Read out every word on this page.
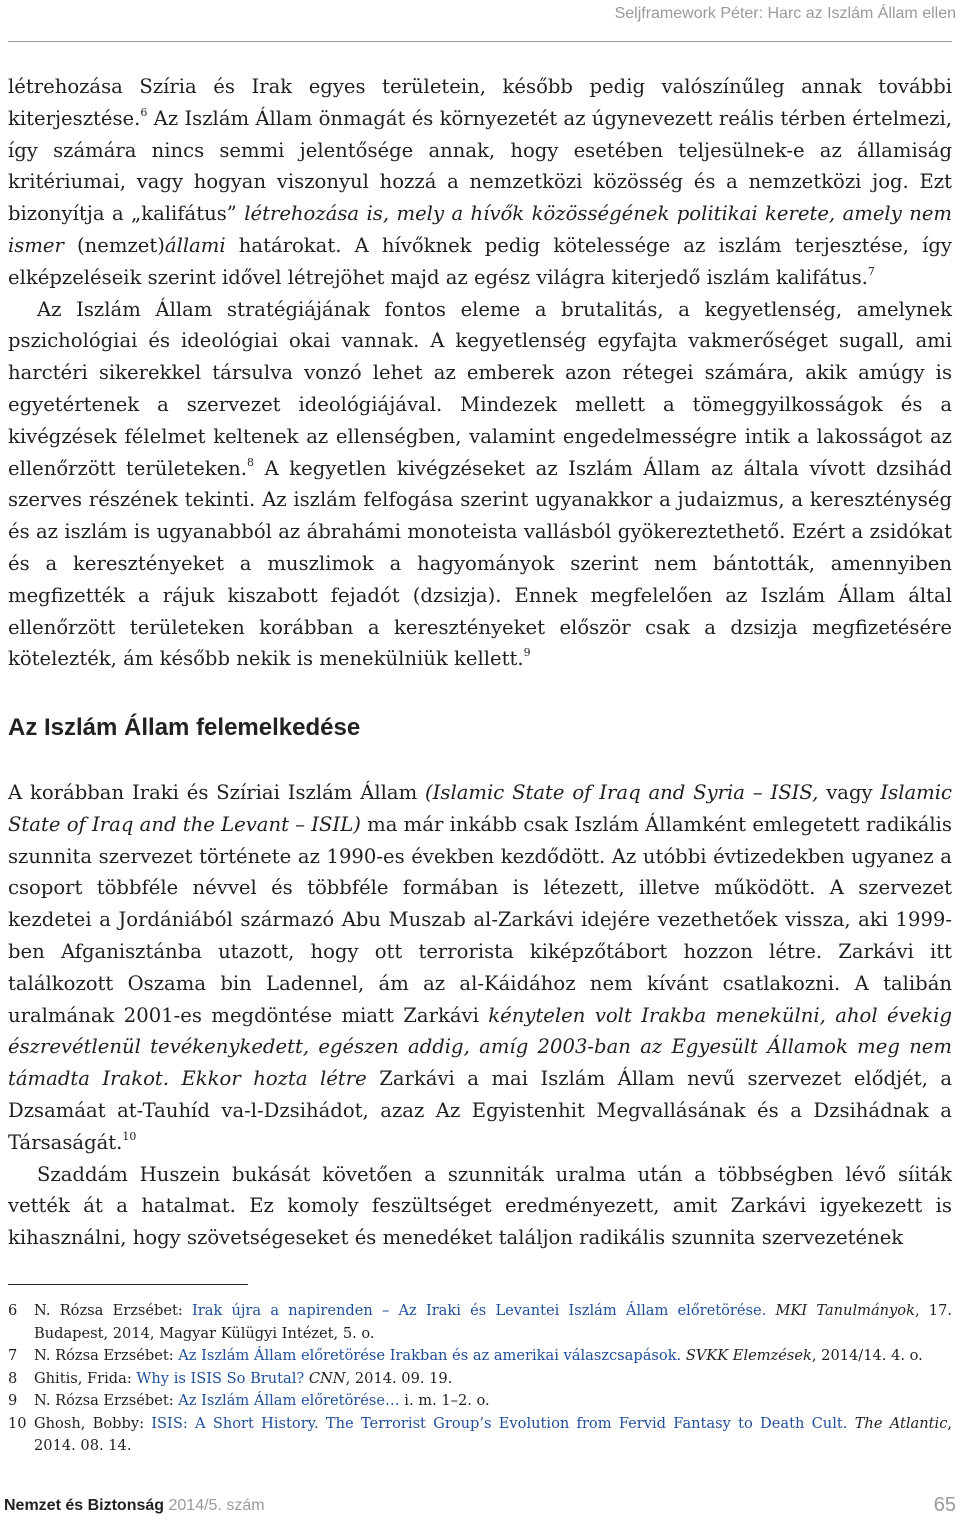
Seljframework Péter: Harc az Iszlám Állam ellen

létrehozása Szíria és Irak egyes területein, később pedig valószínűleg annak további kiterjesztése.$^6$ Az Iszlám Állam önmagát és környezetét az úgynevezett reális térben értelmezi, így számára nincs semmi jelentősége annak, hogy esetében teljesülnek-e az államiság kritériumai, vagy hogyan viszonyul hozzá a nemzetközi közösség és a nemzetközi jog. Ezt bizonyítja a „kalifátus” létrehozása is, mely a hívők közösségének politikai kerete, amely nem ismer (nemzet)állami határokat. A hívőknek pedig kötelessége az iszlám terjesztése, így elképzeléseik szerint idővel létrejöhet majd az egész világra kiterjedő iszlám kalifátus.$^7$

Az Iszlám Állam stratégiájának fontos eleme a brutalitás, a kegyetlenség, amelynek pszichológiai és ideológiai okai vannak. A kegyetlenség egyfajta vakmerőséget sugall, ami harctéri sikerekkel társulva vonzó lehet az emberek azon rétegei számára, akik amúgy is egyetértenek a szervezet ideológiájával. Mindezek mellett a tömeggyilkosságok és a kivégzések félelmet keltenek az ellenségben, valamint engedelmességre intik a lakosságot az ellenőrzött területeken.$^8$ A kegyetlen kivégzéseket az Iszlám Állam az általa vívott dzsihád szerves részének tekinti. Az iszlám felfogása szerint ugyanakkor a judaizmus, a kereszténység és az iszlám is ugyanabból az ábrahámi monoteista vallásból gyökereztethető. Ezért a zsidókat és a keresztényeket a muszlimok a hagyományok szerint nem bántották, amennyiben megfizették a rájuk kiszabott fejadót (dzsizja). Ennek megfelelően az Iszlám Állam által ellenőrzött területeken korábban a keresztényeket először csak a dzsizja megfizetésére kötelezték, ám később nekik is menekülniük kellett.$^9$

Az Iszlám Állam felemelkedése

A korábban Iraki és Szíriai Iszlám Állam (Islamic State of Iraq and Syria – ISIS, vagy Islamic State of Iraq and the Levant – ISIL) ma már inkább csak Iszlám Államként emlegetett radikális szunnita szervezet története az 1990-es években kezdődött. Az utóbbi évtizedekben ugyanez a csoport többféle névvel és többféle formában is létezett, illetve működött. A szervezet kezdetei a Jordániából származó Abu Muszab al-Zarkávi idejére vezethetőek vissza, aki 1999-ben Afganisztánba utazott, hogy ott terrorista kiképzőtábort hozzon létre. Zarkávi itt találkozott Oszama bin Ladennel, ám az al-Káidához nem kívánt csatlakozni. A talibán uralmának 2001-es megdöntése miatt Zarkávi kénytelen volt Irakba menekülni, ahol évekig észrevétlenül tevékenykedett, egészen addig, amíg 2003-ban az Egyesült Államok meg nem támadta Irakot. Ekkor hozta létre Zarkávi a mai Iszlám Állam nevű szervezet elődjét, a Dzsamáat at-Tauhíd va-l-Dzsihádot, azaz Az Egyistenhit Megvallásának és a Dzsihádnak a Társaságát.$^{10}$

Szaddám Huszein bukását követően a szunniták uralma után a többségben lévő síiták vették át a hatalmat. Ez komoly feszültséget eredményezett, amit Zarkávi igyekezett is kihasználni, hogy szövetségeseket és menedéket találjon radikális szunnita szervezetének

6	N. Rózsa Erzsébet: Irak újra a napirenden – Az Iraki és Levantei Iszlám Állam előretörése. MKI Tanulmányok, 17. Budapest, 2014, Magyar Külügyi Intézet, 5. o.
7	N. Rózsa Erzsébet: Az Iszlám Állam előretörése Irakban és az amerikai válaszcsapások. SVKK Elemzések, 2014/14. 4. o.
8	Ghitis, Frida: Why is ISIS So Brutal? CNN, 2014. 09. 19.
9	N. Rózsa Erzsébet: Az Iszlám Állam előretörése… i. m. 1–2. o.
10 Ghosh, Bobby: ISIS: A Short History. The Terrorist Group’s Evolution from Fervid Fantasy to Death Cult. The Atlantic, 2014. 08. 14.
Nemzet és Biztonság 2014/5. szám	65
